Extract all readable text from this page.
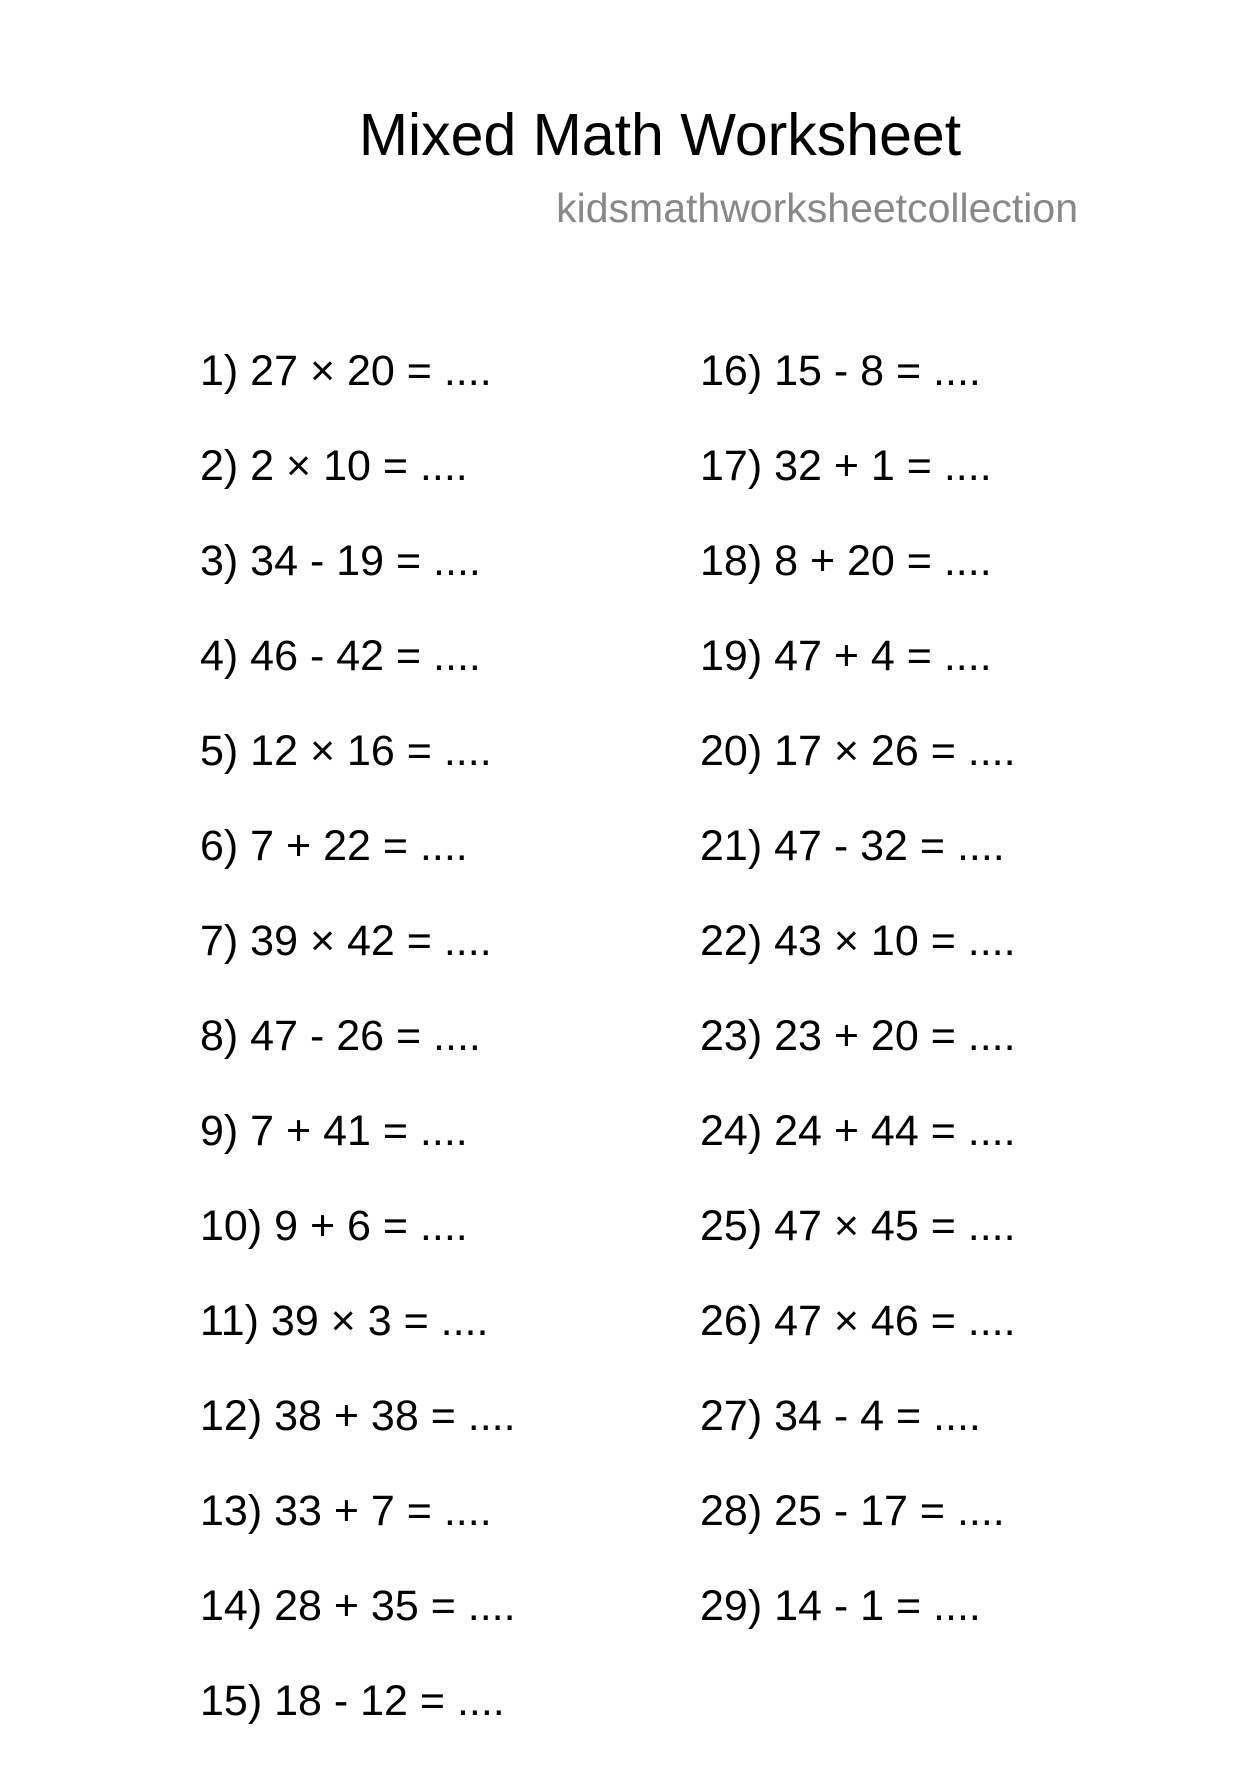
Mixed Math Worksheet
kidsmathworksheetcollection
1) 27 × 20 = ....
2) 2 × 10 = ....
3) 34 - 19 = ....
4) 46 - 42 = ....
5) 12 × 16 = ....
6) 7 + 22 = ....
7) 39 × 42 = ....
8) 47 - 26 = ....
9) 7 + 41 = ....
10) 9 + 6 = ....
11) 39 × 3 = ....
12) 38 + 38 = ....
13) 33 + 7 = ....
14) 28 + 35 = ....
15) 18 - 12 = ....
16) 15 - 8 = ....
17) 32 + 1 = ....
18) 8 + 20 = ....
19) 47 + 4 = ....
20) 17 × 26 = ....
21) 47 - 32 = ....
22) 43 × 10 = ....
23) 23 + 20 = ....
24) 24 + 44 = ....
25) 47 × 45 = ....
26) 47 × 46 = ....
27) 34 - 4 = ....
28) 25 - 17 = ....
29) 14 - 1 = ....
